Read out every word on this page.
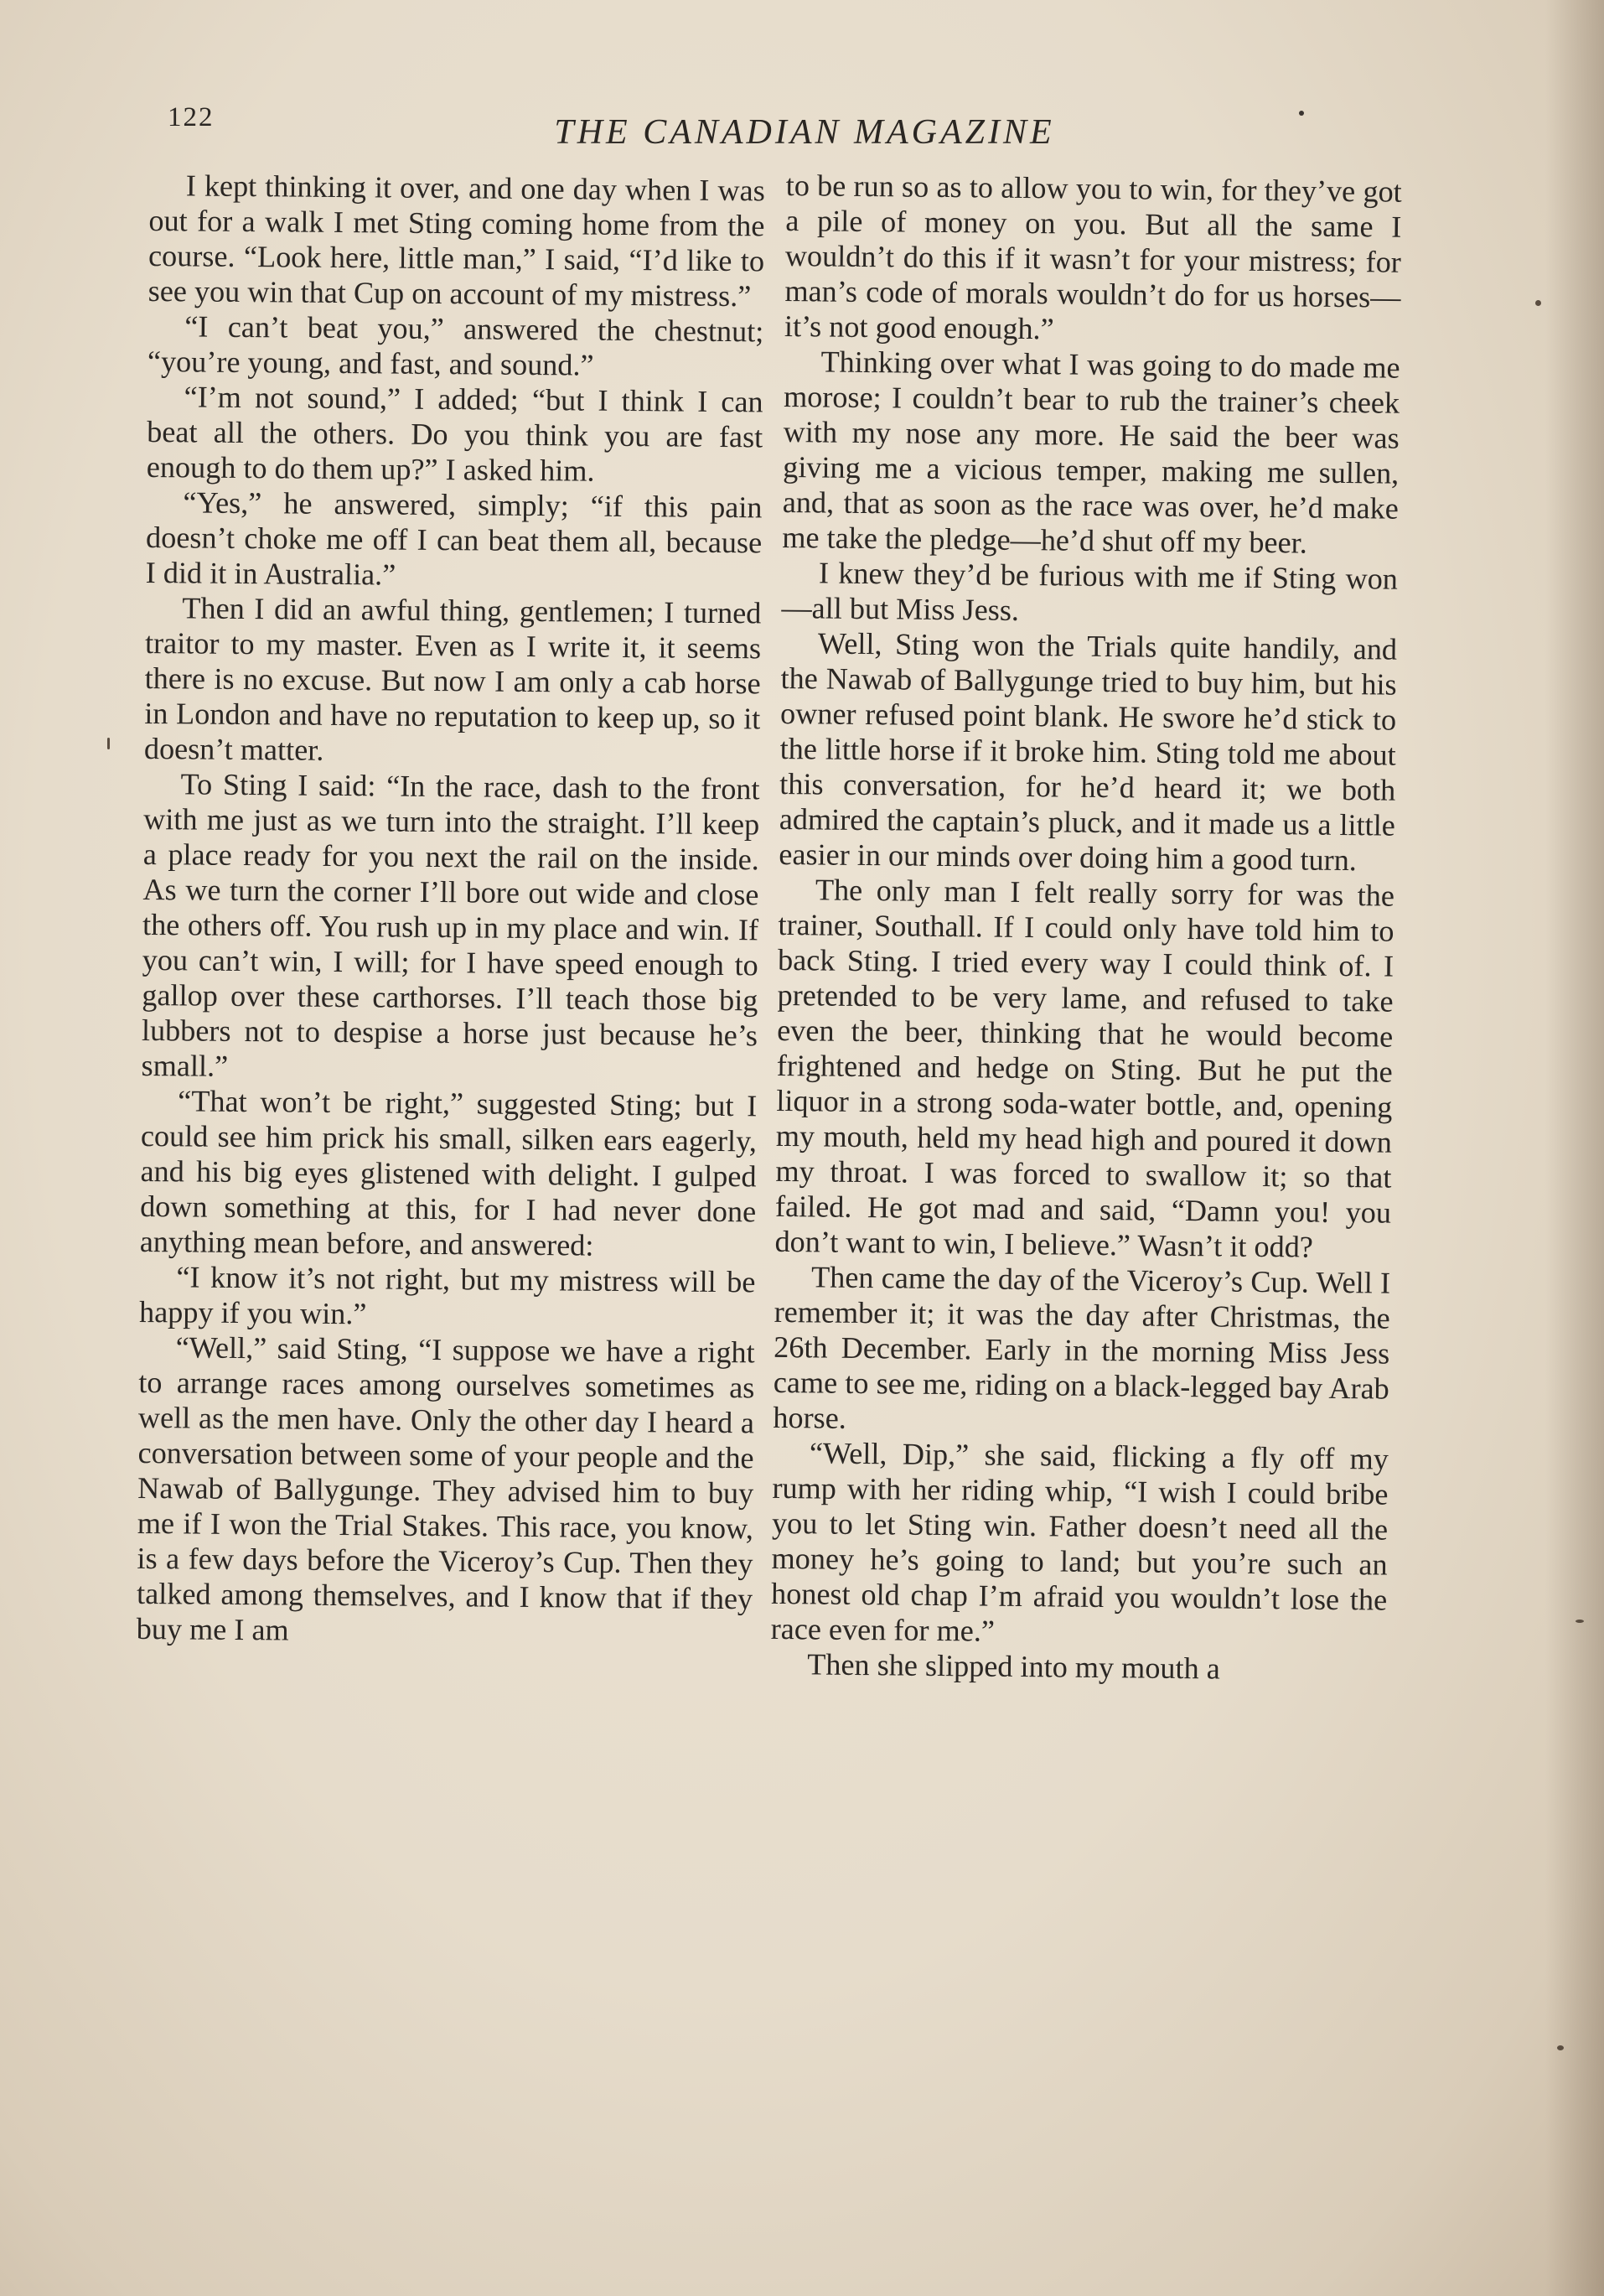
122	THE CANADIAN MAGAZINE

I kept thinking it over, and one day when I was out for a walk I met Sting coming home from the course. “Look here, little man,” I said, “I’d like to see you win that Cup on account of my mistress.”

“I can’t beat you,” answered the chestnut; “you’re young, and fast, and sound.”

“I’m not sound,” I added; “but I think I can beat all the others. Do you think you are fast enough to do them up?” I asked him.

“Yes,” he answered, simply; “if this pain doesn’t choke me off I can beat them all, because I did it in Australia.”

Then I did an awful thing, gentlemen; I turned traitor to my master. Even as I write it, it seems there is no excuse. But now I am only a cab horse in London and have no reputation to keep up, so it doesn’t matter.

To Sting I said: “In the race, dash to the front with me just as we turn into the straight. I’ll keep a place ready for you next the rail on the inside. As we turn the corner I’ll bore out wide and close the others off. You rush up in my place and win. If you can’t win, I will; for I have speed enough to gallop over these carthorses. I’ll teach those big lubbers not to despise a horse just because he’s small.”

“That won’t be right,” suggested Sting; but I could see him prick his small, silken ears eagerly, and his big eyes glistened with delight. I gulped down something at this, for I had never done anything mean before, and answered:

“I know it’s not right, but my mistress will be happy if you win.”

“Well,” said Sting, “I suppose we have a right to arrange races among ourselves sometimes as well as the men have. Only the other day I heard a conversation between some of your people and the Nawab of Ballygunge. They advised him to buy me if I won the Trial Stakes. This race, you know, is a few days before the Viceroy’s Cup. Then they talked among themselves, and I know that if they buy me I am

to be run so as to allow you to win, for they’ve got a pile of money on you. But all the same I wouldn’t do this if it wasn’t for your mistress; for man’s code of morals wouldn’t do for us horses—it’s not good enough.”

Thinking over what I was going to do made me morose; I couldn’t bear to rub the trainer’s cheek with my nose any more. He said the beer was giving me a vicious temper, making me sullen, and, that as soon as the race was over, he’d make me take the pledge—he’d shut off my beer.

I knew they’d be furious with me if Sting won—all but Miss Jess.

Well, Sting won the Trials quite handily, and the Nawab of Ballygunge tried to buy him, but his owner refused point blank. He swore he’d stick to the little horse if it broke him. Sting told me about this conversation, for he’d heard it; we both admired the captain’s pluck, and it made us a little easier in our minds over doing him a good turn.

The only man I felt really sorry for was the trainer, Southall. If I could only have told him to back Sting. I tried every way I could think of. I pretended to be very lame, and refused to take even the beer, thinking that he would become frightened and hedge on Sting. But he put the liquor in a strong soda-water bottle, and, opening my mouth, held my head high and poured it down my throat. I was forced to swallow it; so that failed. He got mad and said, “Damn you! you don’t want to win, I believe.” Wasn’t it odd?

Then came the day of the Viceroy’s Cup. Well I remember it; it was the day after Christmas, the 26th December. Early in the morning Miss Jess came to see me, riding on a black-legged bay Arab horse.

“Well, Dip,” she said, flicking a fly off my rump with her riding whip, “I wish I could bribe you to let Sting win. Father doesn’t need all the money he’s going to land; but you’re such an honest old chap I’m afraid you wouldn’t lose the race even for me.”

Then she slipped into my mouth a
